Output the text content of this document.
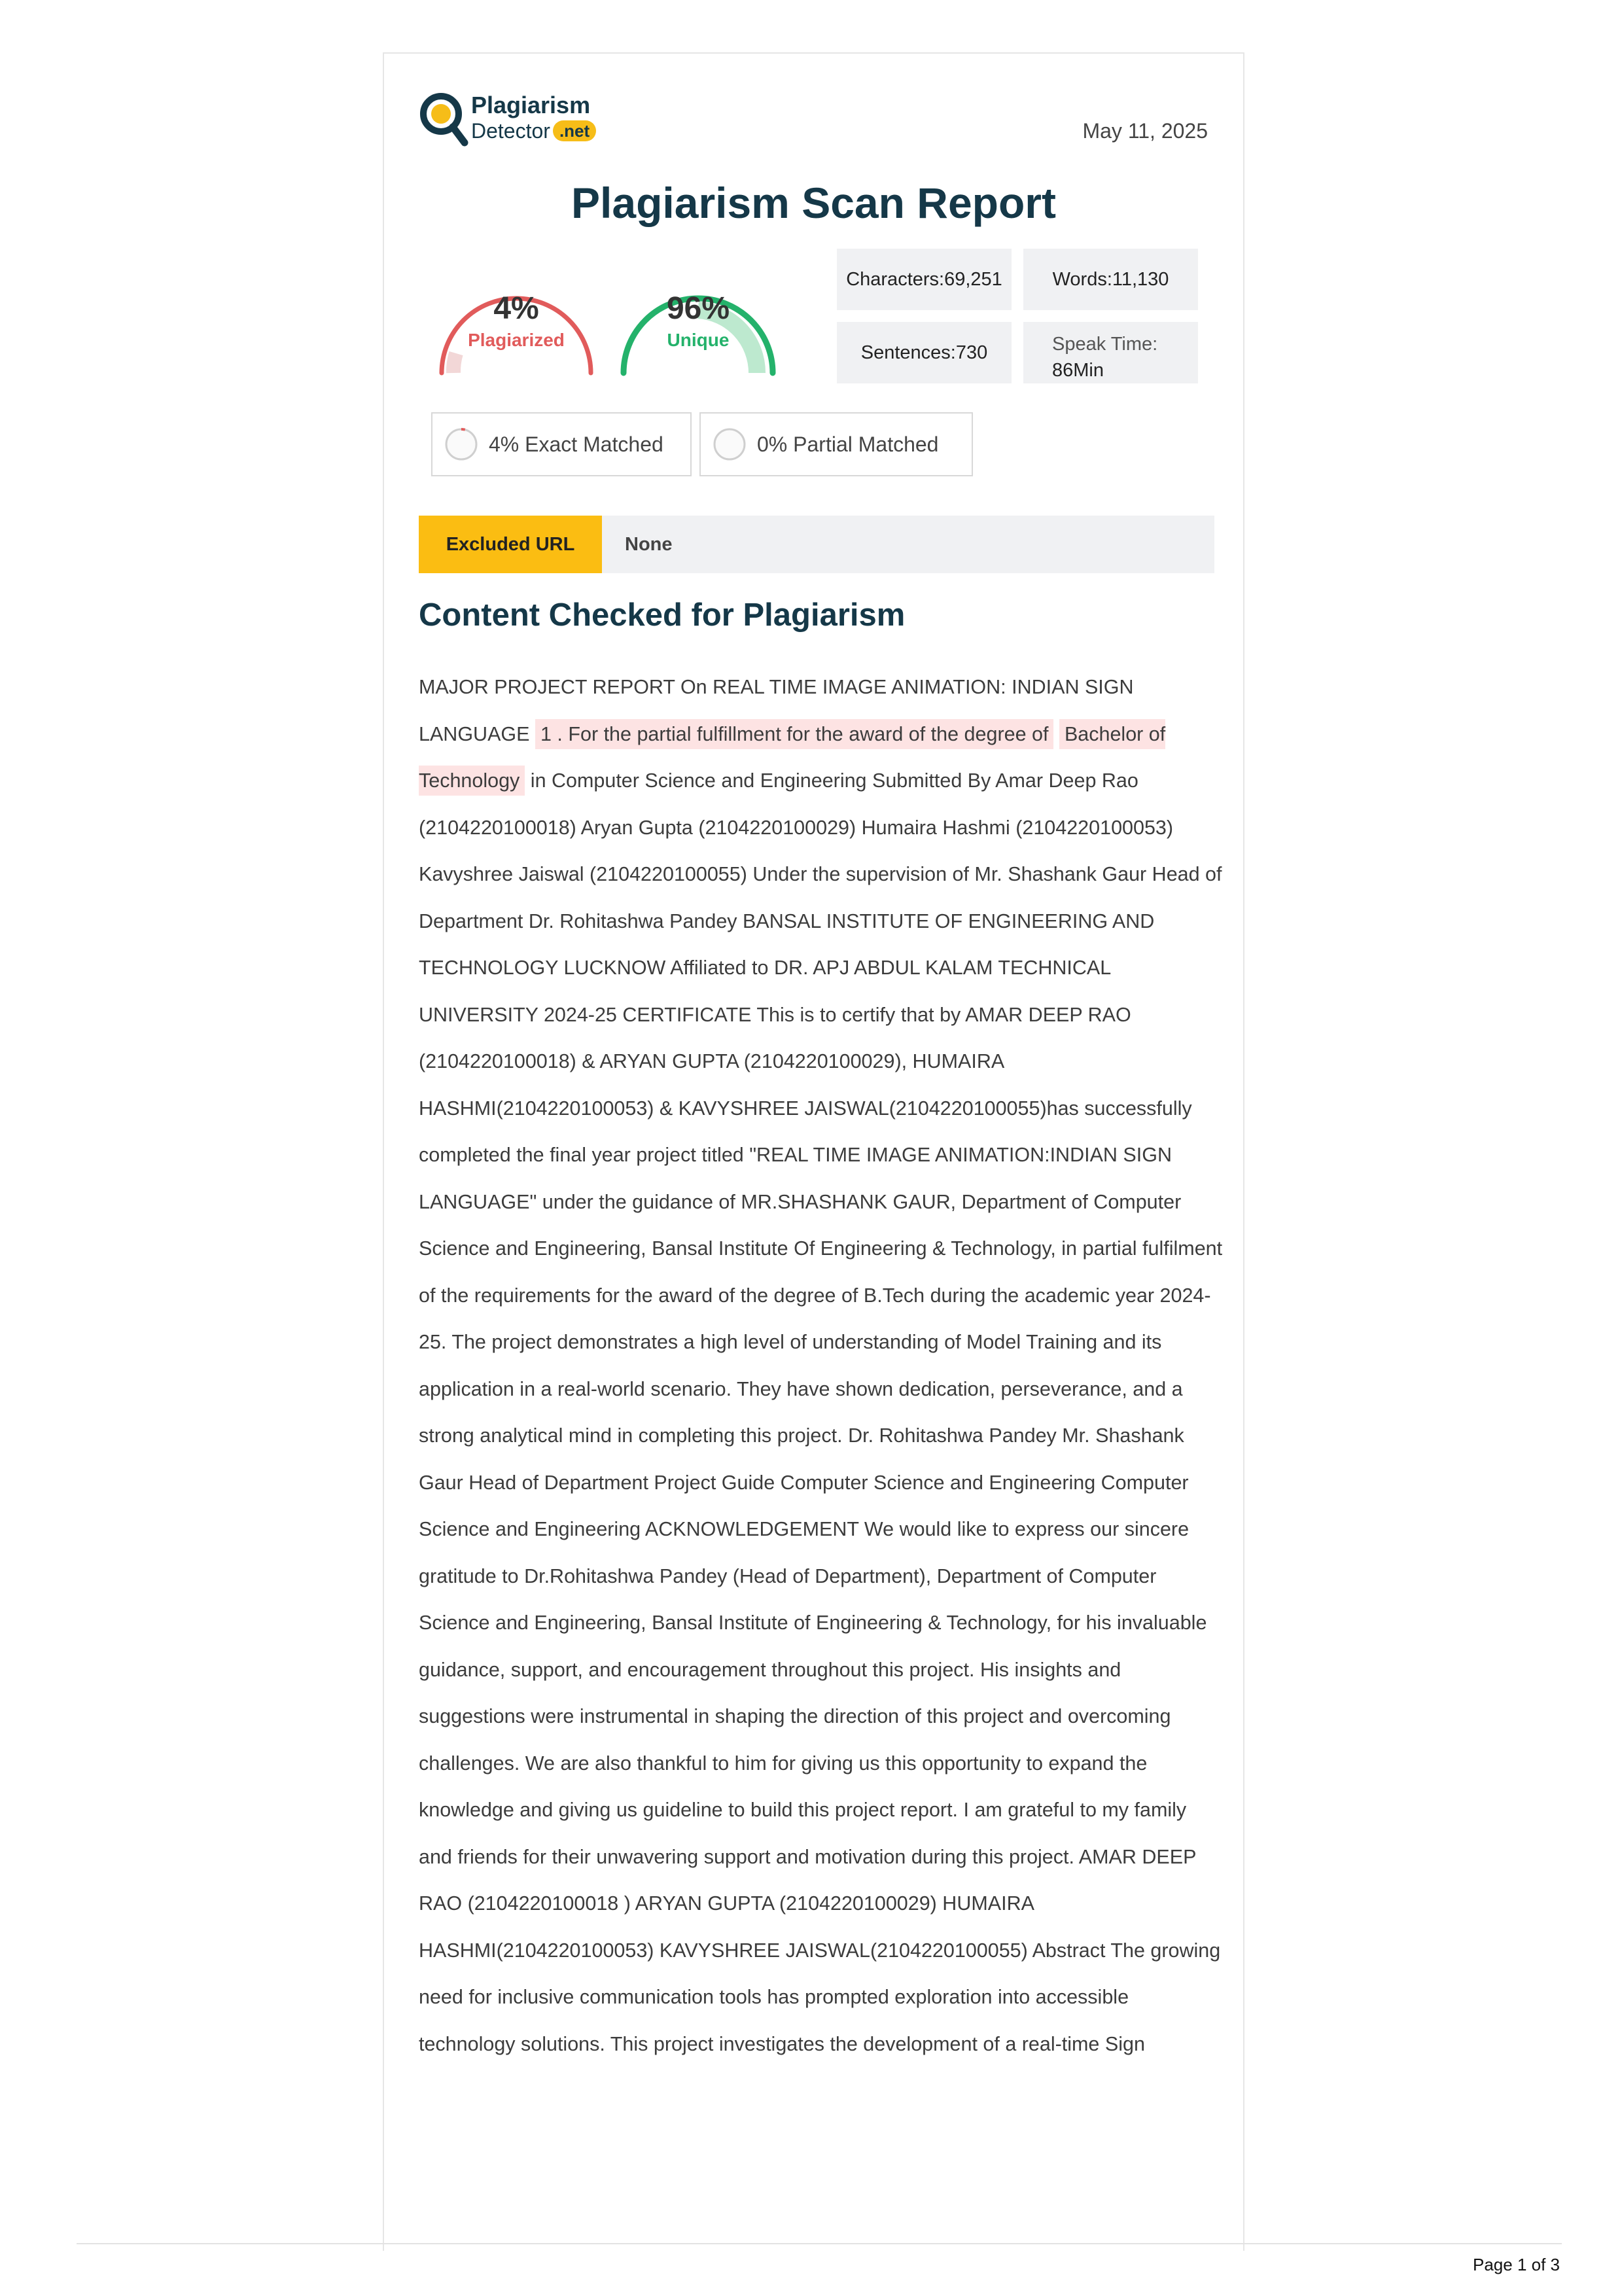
Plagiarism
Detector .net	May 11, 2025
Plagiarism Scan Report
4%
Plagiarized
96%
Unique
Characters:69,251	Words:11,130
Sentences:730	Speak Time:
86Min
4% Exact Matched	0% Partial Matched
Excluded URL	None
Content Checked for Plagiarism
MAJOR PROJECT REPORT On REAL TIME IMAGE ANIMATION: INDIAN SIGN LANGUAGE 1 . For the partial fulfillment for the award of the degree of Bachelor of Technology in Computer Science and Engineering Submitted By Amar Deep Rao (2104220100018) Aryan Gupta (2104220100029) Humaira Hashmi (2104220100053) Kavyshree Jaiswal (2104220100055) Under the supervision of Mr. Shashank Gaur Head of Department Dr. Rohitashwa Pandey BANSAL INSTITUTE OF ENGINEERING AND TECHNOLOGY LUCKNOW Affiliated to DR. APJ ABDUL KALAM TECHNICAL UNIVERSITY 2024-25 CERTIFICATE This is to certify that by AMAR DEEP RAO (2104220100018) & ARYAN GUPTA (2104220100029), HUMAIRA HASHMI(2104220100053) & KAVYSHREE JAISWAL(2104220100055)has successfully completed the final year project titled "REAL TIME IMAGE ANIMATION:INDIAN SIGN LANGUAGE" under the guidance of MR.SHASHANK GAUR, Department of Computer Science and Engineering, Bansal Institute Of Engineering & Technology, in partial fulfilment of the requirements for the award of the degree of B.Tech during the academic year 2024-25. The project demonstrates a high level of understanding of Model Training and its application in a real-world scenario. They have shown dedication, perseverance, and a strong analytical mind in completing this project. Dr. Rohitashwa Pandey Mr. Shashank Gaur Head of Department Project Guide Computer Science and Engineering Computer Science and Engineering ACKNOWLEDGEMENT We would like to express our sincere gratitude to Dr.Rohitashwa Pandey (Head of Department), Department of Computer Science and Engineering, Bansal Institute of Engineering & Technology, for his invaluable guidance, support, and encouragement throughout this project. His insights and suggestions were instrumental in shaping the direction of this project and overcoming challenges. We are also thankful to him for giving us this opportunity to expand the knowledge and giving us guideline to build this project report. I am grateful to my family and friends for their unwavering support and motivation during this project. AMAR DEEP RAO (2104220100018 ) ARYAN GUPTA (2104220100029) HUMAIRA HASHMI(2104220100053) KAVYSHREE JAISWAL(2104220100055) Abstract The growing need for inclusive communication tools has prompted exploration into accessible technology solutions. This project investigates the development of a real-time Sign
Page 1 of 3
